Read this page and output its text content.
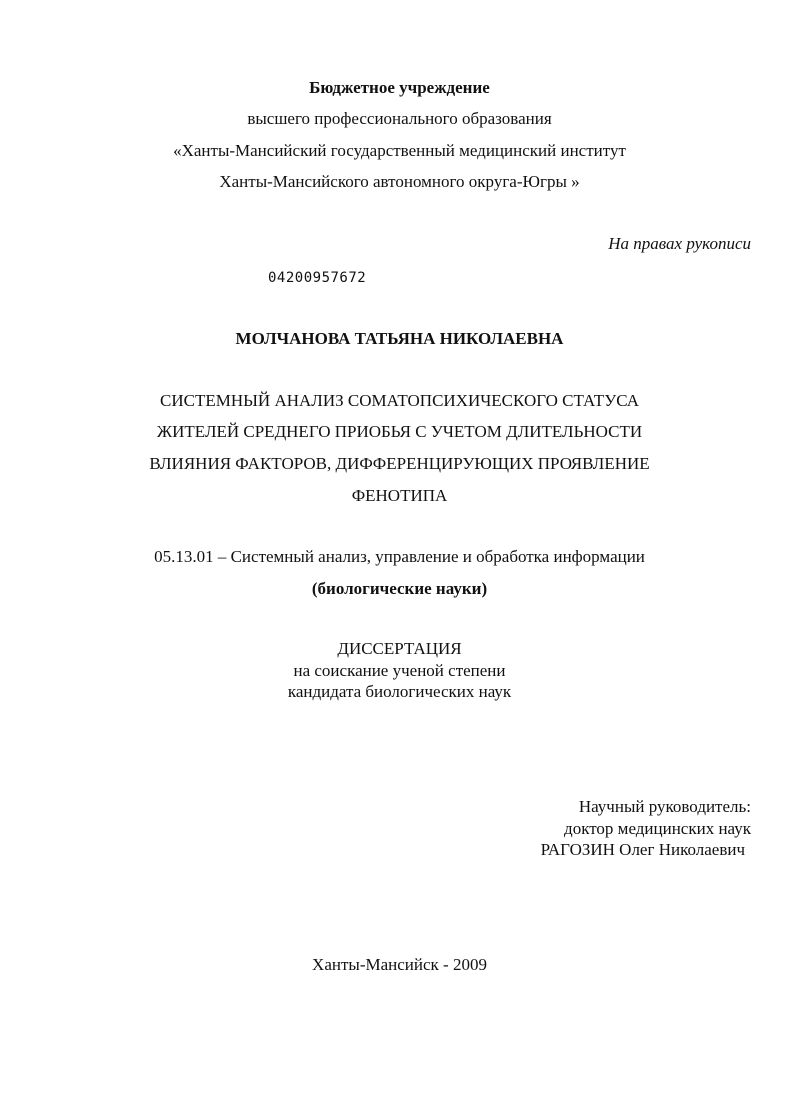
Бюджетное учреждение
высшего профессионального образования
«Ханты-Мансийский государственный медицинский институт
Ханты-Мансийского автономного округа-Югры »
На правах рукописи
04200957672
МОЛЧАНОВА ТАТЬЯНА НИКОЛАЕВНА
СИСТЕМНЫЙ АНАЛИЗ СОМАТОПСИХИЧЕСКОГО СТАТУСА
ЖИТЕЛЕЙ СРЕДНЕГО ПРИОБЬЯ С УЧЕТОМ ДЛИТЕЛЬНОСТИ
ВЛИЯНИЯ ФАКТОРОВ, ДИФФЕРЕНЦИРУЮЩИХ ПРОЯВЛЕНИЕ
ФЕНОТИПА
05.13.01 – Системный анализ, управление и обработка информации
(биологические науки)
ДИССЕРТАЦИЯ
на соискание ученой степени
кандидата биологических наук
Научный руководитель:
доктор медицинских наук
РАГОЗИН Олег Николаевич
Ханты-Мансийск - 2009
